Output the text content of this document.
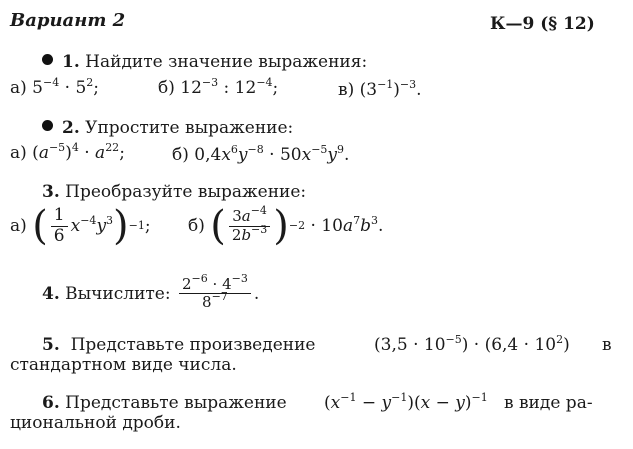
Вариант 2	К—9 (§ 12)
1. Найдите значение выражения:
а) $5^{-4} \cdot 5^2$;	б) $12^{-3}$ : $12^{-4}$;	в) $(3^{-1})^{-3}$.
2. Упростите выражение:
а) $(a^{-5})^4 \cdot a^{22}$;	б) $0,4x^6y^{-8} \cdot 50x^{-5}y^9$.
3. Преобразуйте выражение:
а)
( $\frac{1}{6} x^{-4}y^3$ ) −1 ; б)
( $\frac{3a^{-4}}{2b^{-3}}$ ) $-2 \cdot 10a^7b^3$.
4.
Вычислите:
$\frac{2^{-6} \cdot 4^{-3}}{8^{-7}}$ .
5. Представьте произведение	$(3,5 \cdot 10^{-5}) \cdot (6,4 \cdot 10^2)$ в
стандартном виде числа.
6. Представьте выражение $(x^{-1} - y^{-1})(x - y)^{-1}$ в виде ра-
циональной дроби.
